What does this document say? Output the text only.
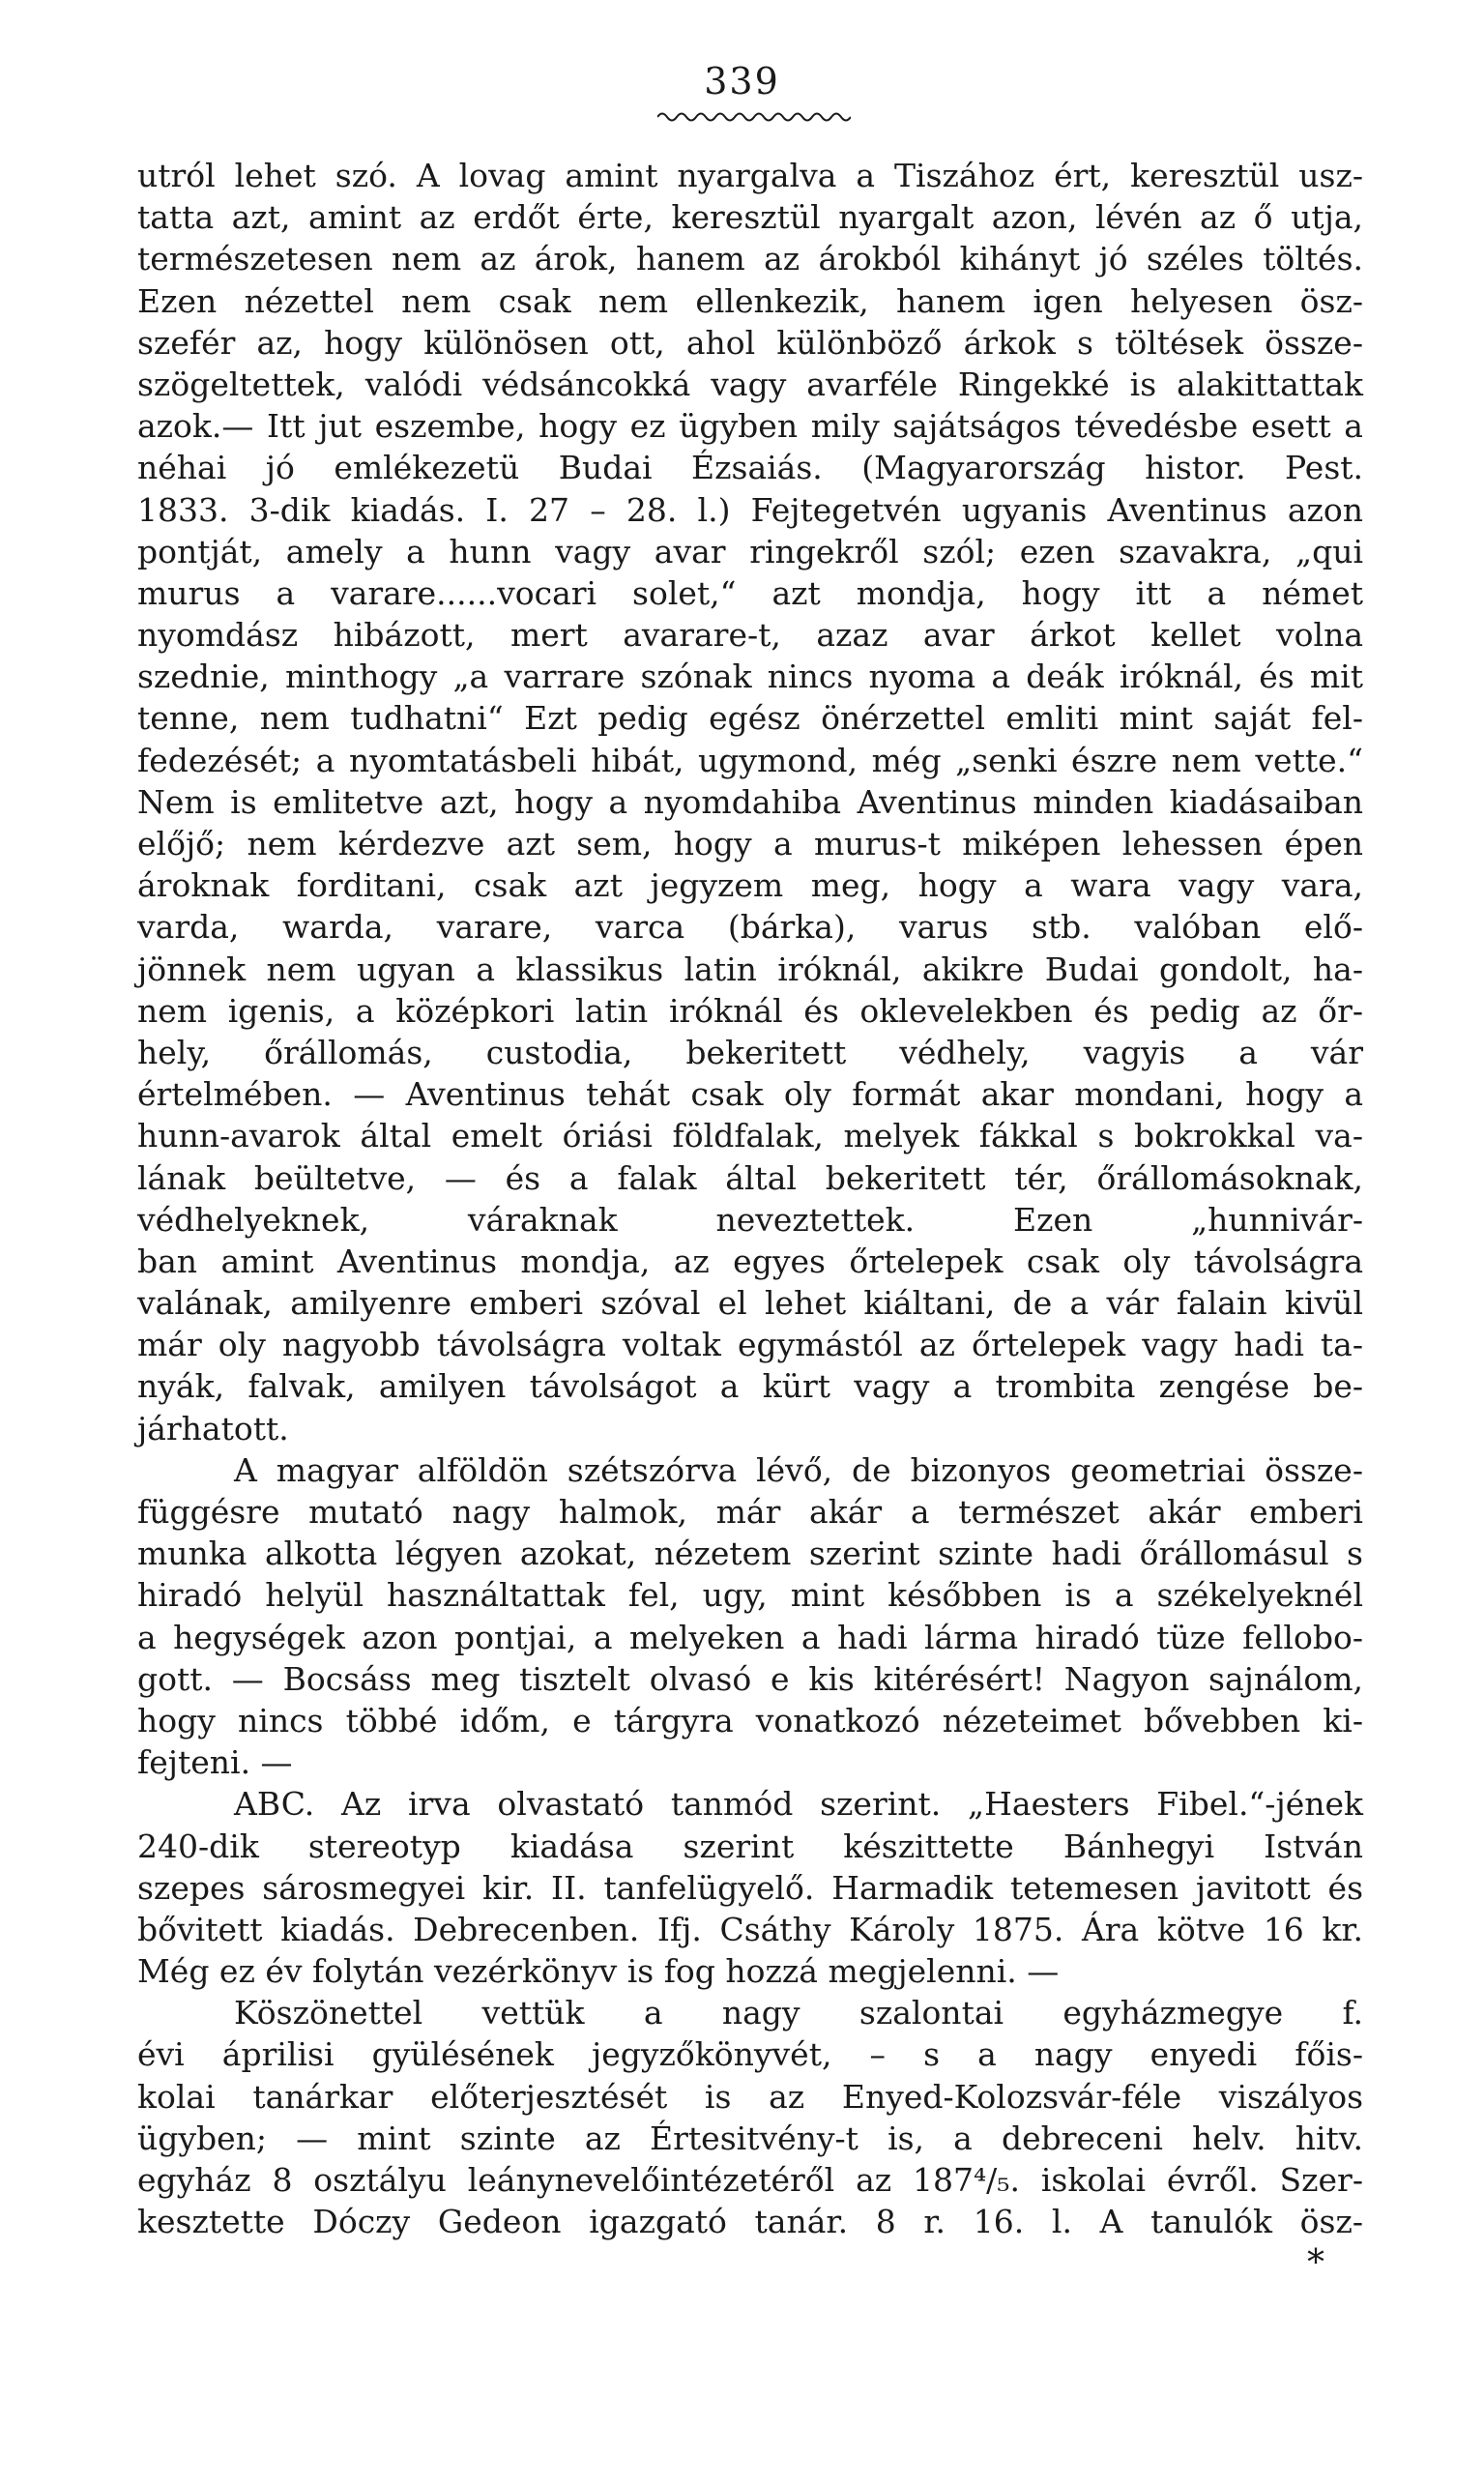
339
utról lehet szó. A lovag amint nyargalva a Tiszához ért, keresztül usz-
tatta azt, amint az erdőt érte, keresztül nyargalt azon, lévén az ő utja,
természetesen nem az árok, hanem az árokból kihányt jó széles töltés.
Ezen nézettel nem csak nem ellenkezik, hanem igen helyesen ösz-
szefér az, hogy különösen ott, ahol különböző árkok s töltések össze-
szögeltettek, valódi védsáncokká vagy avarféle Ringekké is alakittattak
azok.— Itt jut eszembe, hogy ez ügyben mily sajátságos tévedésbe esett a
néhai jó emlékezetü Budai Ézsaiás. (Magyarország histor. Pest.
1833. 3-dik kiadás. I. 27 – 28. l.) Fejtegetvén ugyanis Aventinus azon
pontját, amely a hunn vagy avar ringekről szól; ezen szavakra, „qui
murus a varare......vocari solet,“ azt mondja, hogy itt a német
nyomdász hibázott, mert avarare-t, azaz avar árkot kellet volna
szednie, minthogy „a varrare szónak nincs nyoma a deák iróknál, és mit
tenne, nem tudhatni“ Ezt pedig egész önérzettel emliti mint saját fel-
fedezését; a nyomtatásbeli hibát, ugymond, még „senki észre nem vette.“
Nem is emlitetve azt, hogy a nyomdahiba Aventinus minden kiadásaiban
előjő; nem kérdezve azt sem, hogy a murus-t miképen lehessen épen
ároknak forditani, csak azt jegyzem meg, hogy a wara vagy vara,
varda, warda, varare, varca (bárka), varus stb. valóban elő-
jönnek nem ugyan a klassikus latin iróknál, akikre Budai gondolt, ha-
nem igenis, a középkori latin iróknál és oklevelekben és pedig az őr-
hely, őrállomás, custodia, bekeritett védhely, vagyis a vár
értelmében. — Aventinus tehát csak oly formát akar mondani, hogy a
hunn-avarok által emelt óriási földfalak, melyek fákkal s bokrokkal va-
lának beültetve, — és a falak által bekeritett tér, őrállomásoknak,
védhelyeknek, váraknak neveztettek. Ezen „hunnivár-
ban amint Aventinus mondja, az egyes őrtelepek csak oly távolságra
valának, amilyenre emberi szóval el lehet kiáltani, de a vár falain kivül
már oly nagyobb távolságra voltak egymástól az őrtelepek vagy hadi ta-
nyák, falvak, amilyen távolságot a kürt vagy a trombita zengése be-
járhatott.
A magyar alföldön szétszórva lévő, de bizonyos geometriai össze-
függésre mutató nagy halmok, már akár a természet akár emberi
munka alkotta légyen azokat, nézetem szerint szinte hadi őrállomásul s
hiradó helyül használtattak fel, ugy, mint későbben is a székelyeknél
a hegységek azon pontjai, a melyeken a hadi lárma hiradó tüze fellobo-
gott. — Bocsáss meg tisztelt olvasó e kis kitérésért! Nagyon sajnálom,
hogy nincs többé időm, e tárgyra vonatkozó nézeteimet bővebben ki-
fejteni. —
ABC. Az irva olvastató tanmód szerint. „Haesters Fibel.“-jének
240-dik stereotyp kiadása szerint készittette Bánhegyi István
szepes sárosmegyei kir. II. tanfelügyelő. Harmadik tetemesen javitott és
bővitett kiadás. Debrecenben. Ifj. Csáthy Károly 1875. Ára kötve 16 kr.
Még ez év folytán vezérkönyv is fog hozzá megjelenni. —
Köszönettel vettük a nagy szalontai egyházmegye f.
évi áprilisi gyülésének jegyzőkönyvét, – s a nagy enyedi főis-
kolai tanárkar előterjesztését is az Enyed-Kolozsvár-féle viszályos
ügyben; — mint szinte az Értesitvény-t is, a debreceni helv. hitv.
egyház 8 osztályu leánynevelőintézetéről az 187⁴/₅. iskolai évről. Szer-
kesztette Dóczy Gedeon igazgató tanár. 8 r. 16. l. A tanulók ösz-
*
